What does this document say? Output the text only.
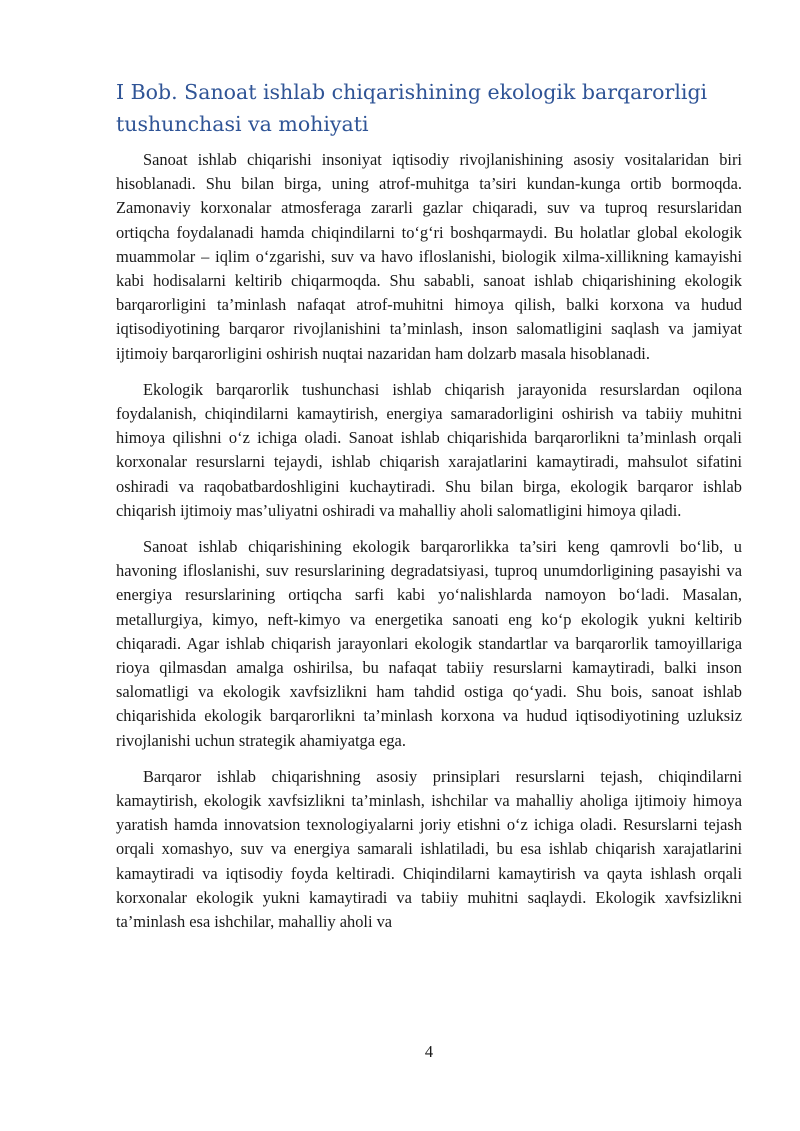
I Bob. Sanoat ishlab chiqarishining ekologik barqarorligi tushunchasi va mohiyati

Sanoat ishlab chiqarishi insoniyat iqtisodiy rivojlanishining asosiy vositalaridan biri hisoblanadi. Shu bilan birga, uning atrof-muhitga ta’siri kundan-kunga ortib bormoqda. Zamonaviy korxonalar atmosferaga zararli gazlar chiqaradi, suv va tuproq resurslaridan ortiqcha foydalanadi hamda chiqindilarni to‘g‘ri boshqarmaydi. Bu holatlar global ekologik muammolar – iqlim o‘zgarishi, suv va havo ifloslanishi, biologik xilma-xillikning kamayishi kabi hodisalarni keltirib chiqarmoqda. Shu sababli, sanoat ishlab chiqarishining ekologik barqarorligini ta’minlash nafaqat atrof-muhitni himoya qilish, balki korxona va hudud iqtisodiyotining barqaror rivojlanishini ta’minlash, inson salomatligini saqlash va jamiyat ijtimoiy barqarorligini oshirish nuqtai nazaridan ham dolzarb masala hisoblanadi.

Ekologik barqarorlik tushunchasi ishlab chiqarish jarayonida resurslardan oqilona foydalanish, chiqindilarni kamaytirish, energiya samaradorligini oshirish va tabiiy muhitni himoya qilishni o‘z ichiga oladi. Sanoat ishlab chiqarishida barqarorlikni ta’minlash orqali korxonalar resurslarni tejaydi, ishlab chiqarish xarajatlarini kamaytiradi, mahsulot sifatini oshiradi va raqobatbardoshligini kuchaytiradi. Shu bilan birga, ekologik barqaror ishlab chiqarish ijtimoiy mas’uliyatni oshiradi va mahalliy aholi salomatligini himoya qiladi.

Sanoat ishlab chiqarishining ekologik barqarorlikka ta’siri keng qamrovli bo‘lib, u havoning ifloslanishi, suv resurslarining degradatsiyasi, tuproq unumdorligining pasayishi va energiya resurslarining ortiqcha sarfi kabi yo‘nalishlarda namoyon bo‘ladi. Masalan, metallurgiya, kimyo, neft-kimyo va energetika sanoati eng ko‘p ekologik yukni keltirib chiqaradi. Agar ishlab chiqarish jarayonlari ekologik standartlar va barqarorlik tamoyillariga rioya qilmasdan amalga oshirilsa, bu nafaqat tabiiy resurslarni kamaytiradi, balki inson salomatligi va ekologik xavfsizlikni ham tahdid ostiga qo‘yadi. Shu bois, sanoat ishlab chiqarishida ekologik barqarorlikni ta’minlash korxona va hudud iqtisodiyotining uzluksiz rivojlanishi uchun strategik ahamiyatga ega.

Barqaror ishlab chiqarishning asosiy prinsiplari resurslarni tejash, chiqindilarni kamaytirish, ekologik xavfsizlikni ta’minlash, ishchilar va mahalliy aholiga ijtimoiy himoya yaratish hamda innovatsion texnologiyalarni joriy etishni o‘z ichiga oladi. Resurslarni tejash orqali xomashyo, suv va energiya samarali ishlatiladi, bu esa ishlab chiqarish xarajatlarini kamaytiradi va iqtisodiy foyda keltiradi. Chiqindilarni kamaytirish va qayta ishlash orqali korxonalar ekologik yukni kamaytiradi va tabiiy muhitni saqlaydi. Ekologik xavfsizlikni ta’minlash esa ishchilar, mahalliy aholi va

4
